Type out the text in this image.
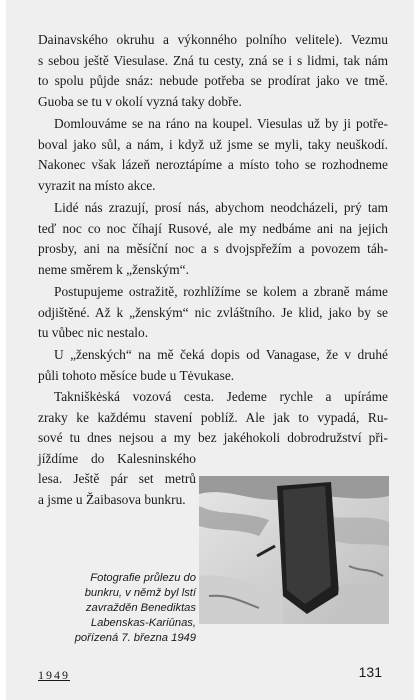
Dainavského okruhu a výkonného polního velitele). Vezmu
s sebou ještě Viesulase. Zná tu cesty, zná se i s lidmi, tak nám
to spolu půjde snáz: nebude potřeba se prodírat jako ve tmě.
Guoba se tu v okolí vyzná taky dobře.

Domlouváme se na ráno na koupel. Viesulas už by ji potře-
boval jako sůl, a nám, i když už jsme se myli, taky neuškodí.
Nakonec však lázeň neroztápíme a místo toho se rozhodneme
vyrazit na místo akce.

Lidé nás zrazují, prosí nás, abychom neodcházeli, prý tam
teď noc co noc číhají Rusové, ale my nedbáme ani na jejich
prosby, ani na měsíční noc a s dvojspřežím a povozem táh-
neme směrem k „ženským“.

Postupujeme ostražitě, rozhlížíme se kolem a zbraně máme
odjištěné. Až k „ženským“ nic zvláštního. Je klid, jako by se
tu vůbec nic nestalo.

U „ženských“ na mě čeká dopis od Vanagase, že v druhé
půli tohoto měsíce bude u Tėvukase.

Takniškėská vozová cesta. Jedeme rychle a upíráme
zraky ke každému stavení poblíž. Ale jak to vypadá, Ru-
sové tu dnes nejsou a my bez jakéhokoli dobrodružství při-
jíždíme do Kalesninského
lesa. Ještě pár set metrů
a jsme u Žaibasova bunkru.

Fotografie průlezu do
bunkru, v němž byl lstí
zavražděn Benediktas
Labenskas-Kariūnas,
pořízená 7. března 1949
1949	131
